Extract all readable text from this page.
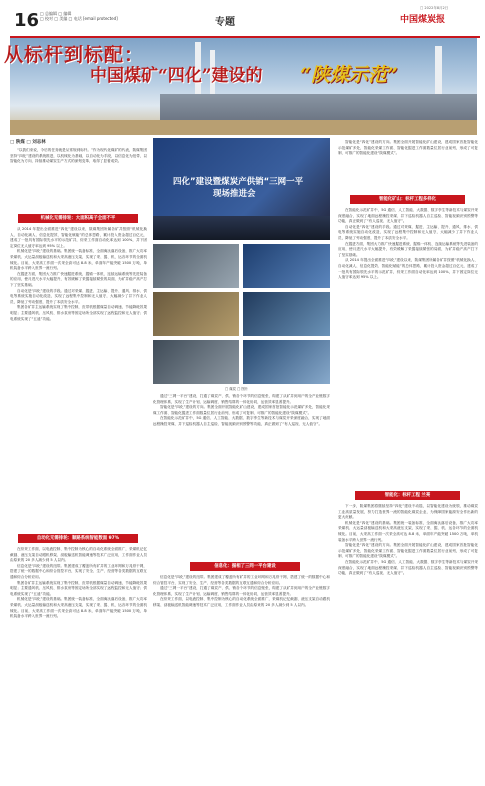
16 □ 总编辑 □ 编辑
□ 校对 □ 美编 □ 电话 [email protected]	专题
□ 2022年8月2日
中国煤炭报
从标杆到标配：
中国煤矿“四化”建设的 “陕煤示范”
□ 陕煤 □ 刘志林

“以我们来说，今后的任务就是从常规到标杆。”作为现代化煤矿的代表，陕煤集团坚持“四化”建设的系统推进，以机械化为基础，以自动化为手段，以信息化为纽带，以智能化为方向，持续推动煤炭生产方式的深刻变革，取得了显著成效。

机械化无需排轮：大面积高子全面不平

从 2014 年提出全面推进“四化”建设以来，陕煤集团所属各矿井按照“机械化换人、自动化减人、信息化提效、智能化赋能”的总体思路，累计投入资金超过百亿元，建成了一批具有国际领先水平的示范矿井，综采工作面自动化率达到 100%，井下固定岗位无人值守率达到 95% 以上。

机械化是“四化”建设的基础。集团统一装备标准，全面淘汰落后设备，推广大功率采煤机、大运量刮板输送机和大采高液压支架，实现了采、掘、机、运各环节的全面机械化。目前，大采高工作面一次采全高可达 8.8 米，单面年产能突破 1500 万吨，单机装备水平跨入世界一流行列。

在掘进方面，集团大力推广快速掘进系统，掘锚一体机、连续运输系统等先进装备的应用，使月进尺水平大幅提升，有效缓解了采掘接续紧张的局面，为矿井稳产高产打下了坚实基础。

自动化是“四化”建设的手段。通过对采煤、掘进、主运输、提升、通风、排水、供电等系统实施自动化改造，实现了远程集中控制和无人值守，大幅减少了井下作业人员，降低了劳动强度，提升了本质安全水平。

集团各矿井主运输系统实现了集中控制，皮带机根据煤量自动调速，节能降耗效果明显；主要通风机、压风机、排水泵房等固定场所全部实现了远程监控和无人值守；供电系统实现了“五遥”功能。

自动化无需排轮：顺路系统智能数面 97%

在综采工作面，以电液控制、集中控制为核心的自动化系统全面推广，采煤机记忆截割、液压支架自动跟机移架、刮板输送机智能调速等技术广泛应用，工作面作业人员由原来的 20 多人减少到 5 人以内。

信息化是“四化”建设的纽带。集团建成了覆盖所有矿井的工业环网和万兆骨干网，搭建了统一的数据中心和综合管控平台，实现了安全、生产、经营等各类数据的互联互通和综合分析应用。

集团各矿井主运输系统实现了集中控制，皮带机根据煤量自动调速，节能降耗效果明显；主要通风机、压风机、排水泵房等固定场所全部实现了远程监控和无人值守；供电系统实现了“五遥”功能。

机械化是“四化”建设的基础。集团统一装备标准，全面淘汰落后设备，推广大功率采煤机、大运量刮板输送机和大采高液压支架，实现了采、掘、机、运各环节的全面机械化。目前，大采高工作面一次采全高可达 8.8 米，单面年产能突破 1500 万吨，单机装备水平跨入世界一流行列。

四化”建设暨煤炭产供销“三网一平
现场推进会
□ 煤炭 □ 图片

通过“三网一平台”建设，打通了煤炭产、供、销各个环节的信息壁垒，构建了从矿井到用户的全产业链数字化管理体系，实现了生产计划、运输调度、销售结算的一体化协同，运营效率显著提升。

智能化是“四化”建设的方向。集团全面开展智能化矿山建设，建成国家首批智能化示范煤矿多处，智能化采煤工作面、智能化掘进工作面数量位居行业前列，形成了可复制、可推广的智能化建设“陕煤模式”。

在智能化示范矿井中，5G 通信、人工智能、大数据、数字孪生等新技术与煤炭开采深度融合，实现了地面远程操控采煤、井下巡检机器人自主巡检、智能视频识别预警等功能，真正做到了“有人巡视、无人值守”。

信息化：掘相了三同一平台建设

信息化是“四化”建设的纽带。集团建成了覆盖所有矿井的工业环网和万兆骨干网，搭建了统一的数据中心和综合管控平台，实现了安全、生产、经营等各类数据的互联互通和综合分析应用。

通过“三网一平台”建设，打通了煤炭产、供、销各个环节的信息壁垒，构建了从矿井到用户的全产业链数字化管理体系，实现了生产计划、运输调度、销售结算的一体化协同，运营效率显著提升。

在综采工作面，以电液控制、集中控制为核心的自动化系统全面推广，采煤机记忆截割、液压支架自动跟机移架、刮板输送机智能调速等技术广泛应用，工作面作业人员由原来的 20 多人减少到 5 人以内。

智能化是“四化”建设的方向。集团全面开展智能化矿山建设，建成国家首批智能化示范煤矿多处，智能化采煤工作面、智能化掘进工作面数量位居行业前列，形成了可复制、可推广的智能化建设“陕煤模式”。

智能化矿山：标杆工程多样化

在智能化示范矿井中，5G 通信、人工智能、大数据、数字孪生等新技术与煤炭开采深度融合，实现了地面远程操控采煤、井下巡检机器人自主巡检、智能视频识别预警等功能，真正做到了“有人巡视、无人值守”。

自动化是“四化”建设的手段。通过对采煤、掘进、主运输、提升、通风、排水、供电等系统实施自动化改造，实现了远程集中控制和无人值守，大幅减少了井下作业人员，降低了劳动强度，提升了本质安全水平。

在掘进方面，集团大力推广快速掘进系统，掘锚一体机、连续运输系统等先进装备的应用，使月进尺水平大幅提升，有效缓解了采掘接续紧张的局面，为矿井稳产高产打下了坚实基础。

从 2014 年提出全面推进“四化”建设以来，陕煤集团所属各矿井按照“机械化换人、自动化减人、信息化提效、智能化赋能”的总体思路，累计投入资金超过百亿元，建成了一批具有国际领先水平的示范矿井，综采工作面自动化率达到 100%，井下固定岗位无人值守率达到 95% 以上。

智能化：标杆工程 兰亮

下一步，陕煤集团将继续坚持“四化”建设不动摇，以智能化建设为统领，推动煤炭工业高质量发展，努力打造世界一流的智能化煤炭企业，为保障国家能源安全作出新的更大贡献。

机械化是“四化”建设的基础。集团统一装备标准，全面淘汰落后设备，推广大功率采煤机、大运量刮板输送机和大采高液压支架，实现了采、掘、机、运各环节的全面机械化。目前，大采高工作面一次采全高可达 8.8 米，单面年产能突破 1500 万吨，单机装备水平跨入世界一流行列。

智能化是“四化”建设的方向。集团全面开展智能化矿山建设，建成国家首批智能化示范煤矿多处，智能化采煤工作面、智能化掘进工作面数量位居行业前列，形成了可复制、可推广的智能化建设“陕煤模式”。

在智能化示范矿井中，5G 通信、人工智能、大数据、数字孪生等新技术与煤炭开采深度融合，实现了地面远程操控采煤、井下巡检机器人自主巡检、智能视频识别预警等功能，真正做到了“有人巡视、无人值守”。
